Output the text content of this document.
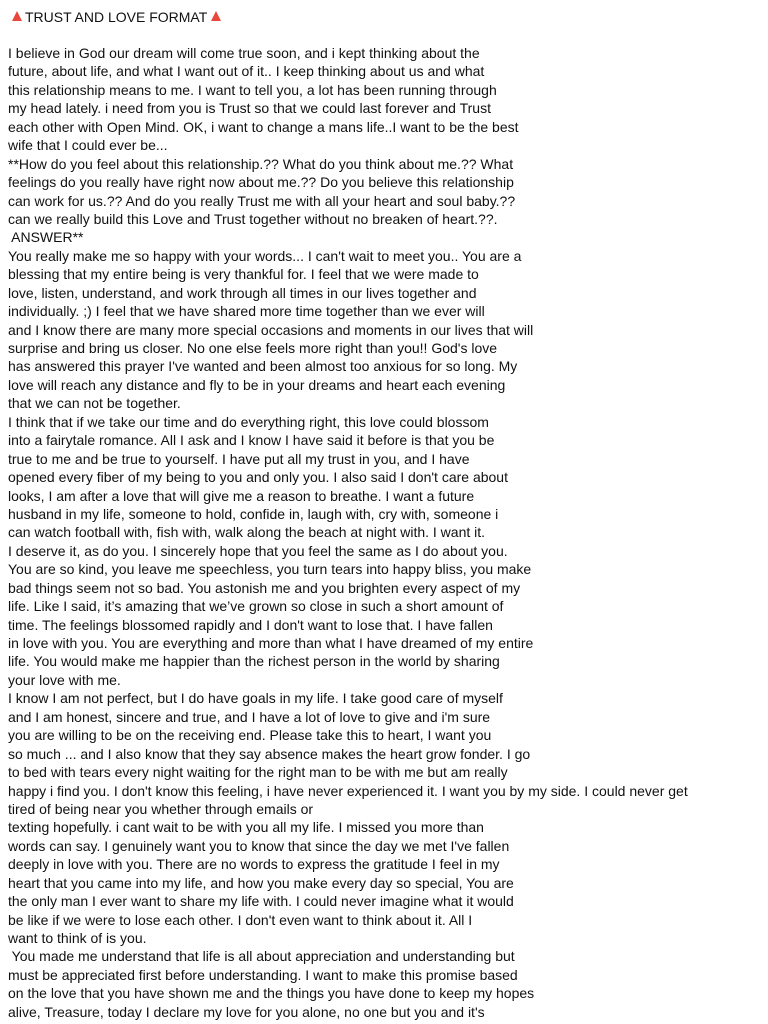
TRUST AND LOVE FORMAT
I believe in God our dream will come true soon, and i kept thinking about the
future, about life, and what I want out of it.. I keep thinking about us and what
this relationship means to me. I want to tell you, a lot has been running through
my head lately. i need from you is Trust so that we could last forever and Trust
each other with Open Mind. OK, i want to change a mans life..I want to be the best
wife that I could ever be...
**How do you feel about this relationship.?? What do you think about me.?? What
feelings do you really have right now about me.?? Do you believe this relationship
can work for us.?? And do you really Trust me with all your heart and soul baby.??
can we really build this Love and Trust together without no breaken of heart.??.
ANSWER**
You really make me so happy with your words... I can't wait to meet you.. You are a
blessing that my entire being is very thankful for. I feel that we were made to
love, listen, understand, and work through all times in our lives together and
individually. ;) I feel that we have shared more time together than we ever will
and I know there are many more special occasions and moments in our lives that will
surprise and bring us closer. No one else feels more right than you!! God's love
has answered this prayer I've wanted and been almost too anxious for so long. My
love will reach any distance and fly to be in your dreams and heart each evening
that we can not be together.
I think that if we take our time and do everything right, this love could blossom
into a fairytale romance. All I ask and I know I have said it before is that you be
true to me and be true to yourself. I have put all my trust in you, and I have
opened every fiber of my being to you and only you. I also said I don't care about
looks, I am after a love that will give me a reason to breathe. I want a future
husband in my life, someone to hold, confide in, laugh with, cry with, someone i
can watch football with, fish with, walk along the beach at night with. I want it.
I deserve it, as do you. I sincerely hope that you feel the same as I do about you.
You are so kind, you leave me speechless, you turn tears into happy bliss, you make
bad things seem not so bad. You astonish me and you brighten every aspect of my
life. Like I said, it’s amazing that we’ve grown so close in such a short amount of
time. The feelings blossomed rapidly and I don't want to lose that. I have fallen
in love with you. You are everything and more than what I have dreamed of my entire
life. You would make me happier than the richest person in the world by sharing
your love with me.
I know I am not perfect, but I do have goals in my life. I take good care of myself
and I am honest, sincere and true, and I have a lot of love to give and i'm sure
you are willing to be on the receiving end. Please take this to heart, I want you
so much ... and I also know that they say absence makes the heart grow fonder. I go
to bed with tears every night waiting for the right man to be with me but am really
happy i find you. I don't know this feeling, i have never experienced it. I want you by my side. I could never get
tired of being near you whether through emails or
texting hopefully. i cant wait to be with you all my life. I missed you more than
words can say. I genuinely want you to know that since the day we met I've fallen
deeply in love with you. There are no words to express the gratitude I feel in my
heart that you came into my life, and how you make every day so special, You are
the only man I ever want to share my life with. I could never imagine what it would
be like if we were to lose each other. I don't even want to think about it. All I
want to think of is you.
You made me understand that life is all about appreciation and understanding but
must be appreciated first before understanding. I want to make this promise based
on the love that you have shown me and the things you have done to keep my hopes
alive, Treasure, today I declare my love for you alone, no one but you and it's
